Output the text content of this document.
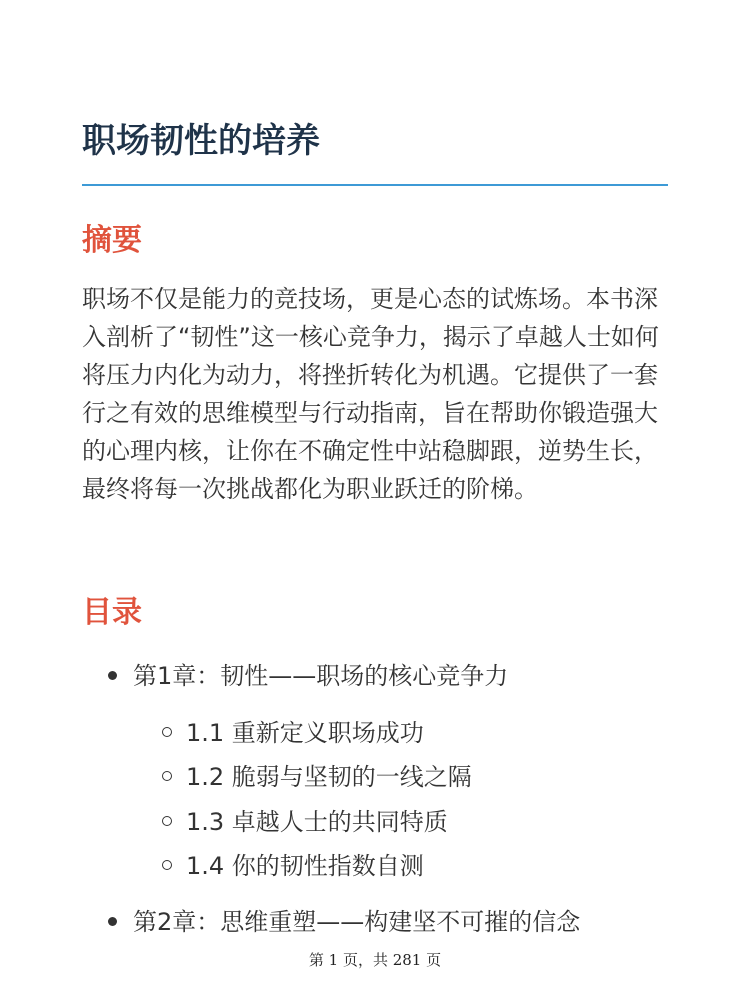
职场韧性的培养
摘要

职场不仅是能力的竞技场，更是心态的试炼场。本书深入剖析了“韧性”这一核心竞争力，揭示了卓越人士如何将压力内化为动力，将挫折转化为机遇。它提供了一套行之有效的思维模型与行动指南，旨在帮助你锻造强大的心理内核，让你在不确定性中站稳脚跟，逆势生长，最终将每一次挑战都化为职业跃迁的阶梯。

目录
第1章：韧性——职场的核心竞争力
1.1 重新定义职场成功
1.2 脆弱与坚韧的一线之隔
1.3 卓越人士的共同特质
1.4 你的韧性指数自测
第2章：思维重塑——构建坚不可摧的信念
第 1 页，共 281 页
